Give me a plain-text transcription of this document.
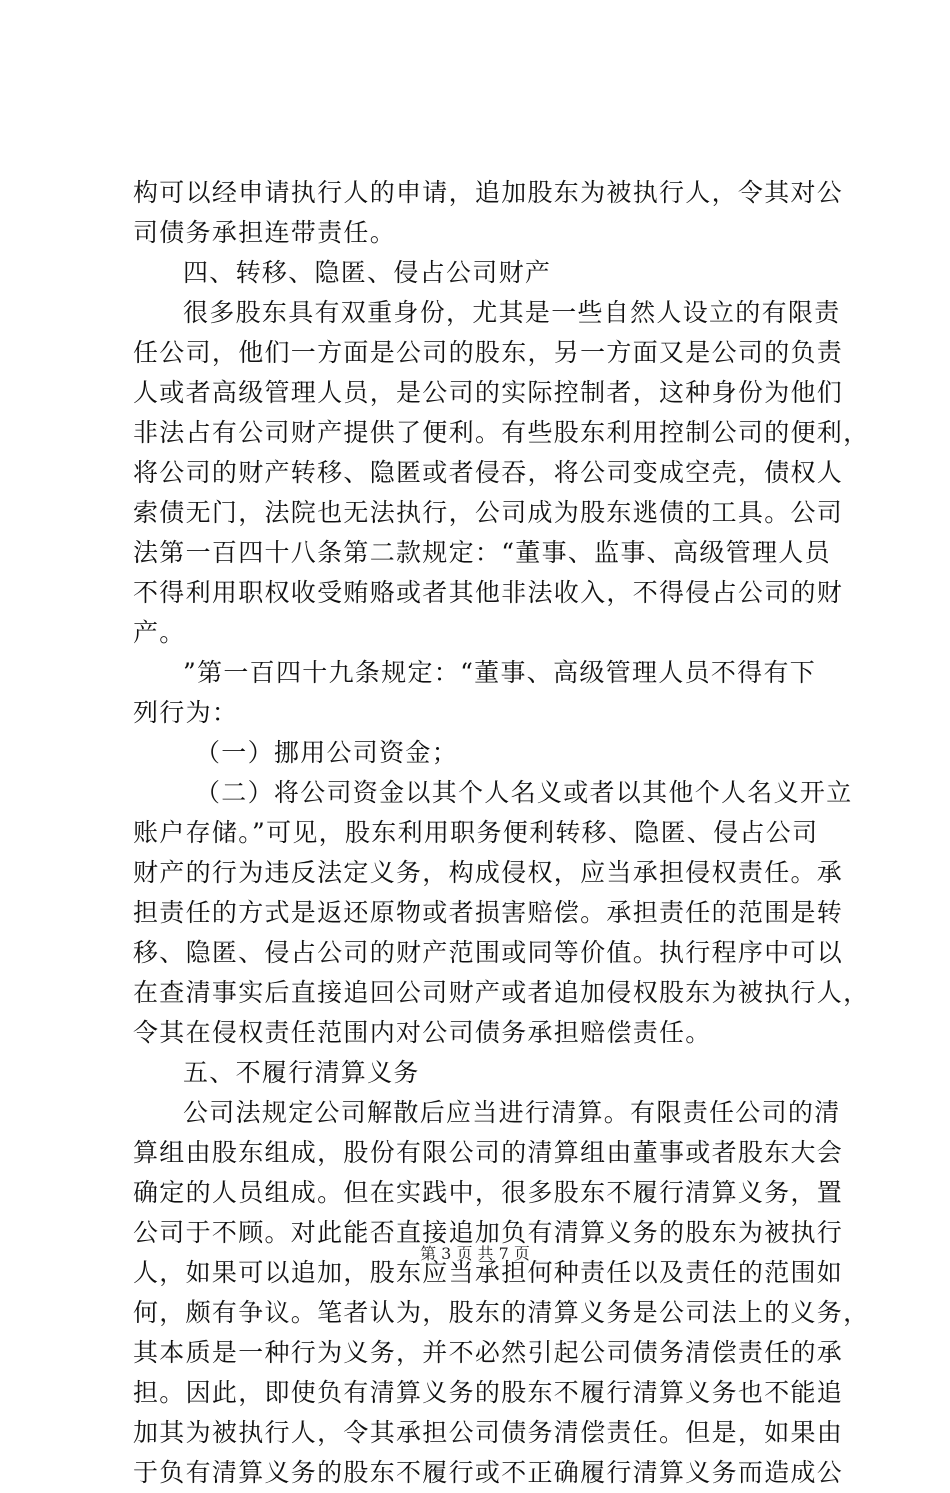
构可以经申请执行人的申请，追加股东为被执行人，令其对公
司债务承担连带责任。
四、转移、隐匿、侵占公司财产
很多股东具有双重身份，尤其是一些自然人设立的有限责
任公司，他们一方面是公司的股东，另一方面又是公司的负责
人或者高级管理人员，是公司的实际控制者，这种身份为他们
非法占有公司财产提供了便利。有些股东利用控制公司的便利，
将公司的财产转移、隐匿或者侵吞，将公司变成空壳，债权人
索债无门，法院也无法执行，公司成为股东逃债的工具。公司
法第一百四十八条第二款规定：“董事、监事、高级管理人员
不得利用职权收受贿赂或者其他非法收入，不得侵占公司的财
产。
”第一百四十九条规定：“董事、高级管理人员不得有下
列行为：
（一）挪用公司资金；
（二）将公司资金以其个人名义或者以其他个人名义开立
账户存储。”可见，股东利用职务便利转移、隐匿、侵占公司
财产的行为违反法定义务，构成侵权，应当承担侵权责任。承
担责任的方式是返还原物或者损害赔偿。承担责任的范围是转
移、隐匿、侵占公司的财产范围或同等价值。执行程序中可以
在查清事实后直接追回公司财产或者追加侵权股东为被执行人，
令其在侵权责任范围内对公司债务承担赔偿责任。
五、不履行清算义务
公司法规定公司解散后应当进行清算。有限责任公司的清
算组由股东组成，股份有限公司的清算组由董事或者股东大会
确定的人员组成。但在实践中，很多股东不履行清算义务，置
公司于不顾。对此能否直接追加负有清算义务的股东为被执行
人，如果可以追加，股东应当承担何种责任以及责任的范围如
何，颇有争议。笔者认为，股东的清算义务是公司法上的义务，
其本质是一种行为义务，并不必然引起公司债务清偿责任的承
担。因此，即使负有清算义务的股东不履行清算义务也不能追
加其为被执行人，令其承担公司债务清偿责任。但是，如果由
于负有清算义务的股东不履行或不正确履行清算义务而造成公
第 3 页 共 7 页
